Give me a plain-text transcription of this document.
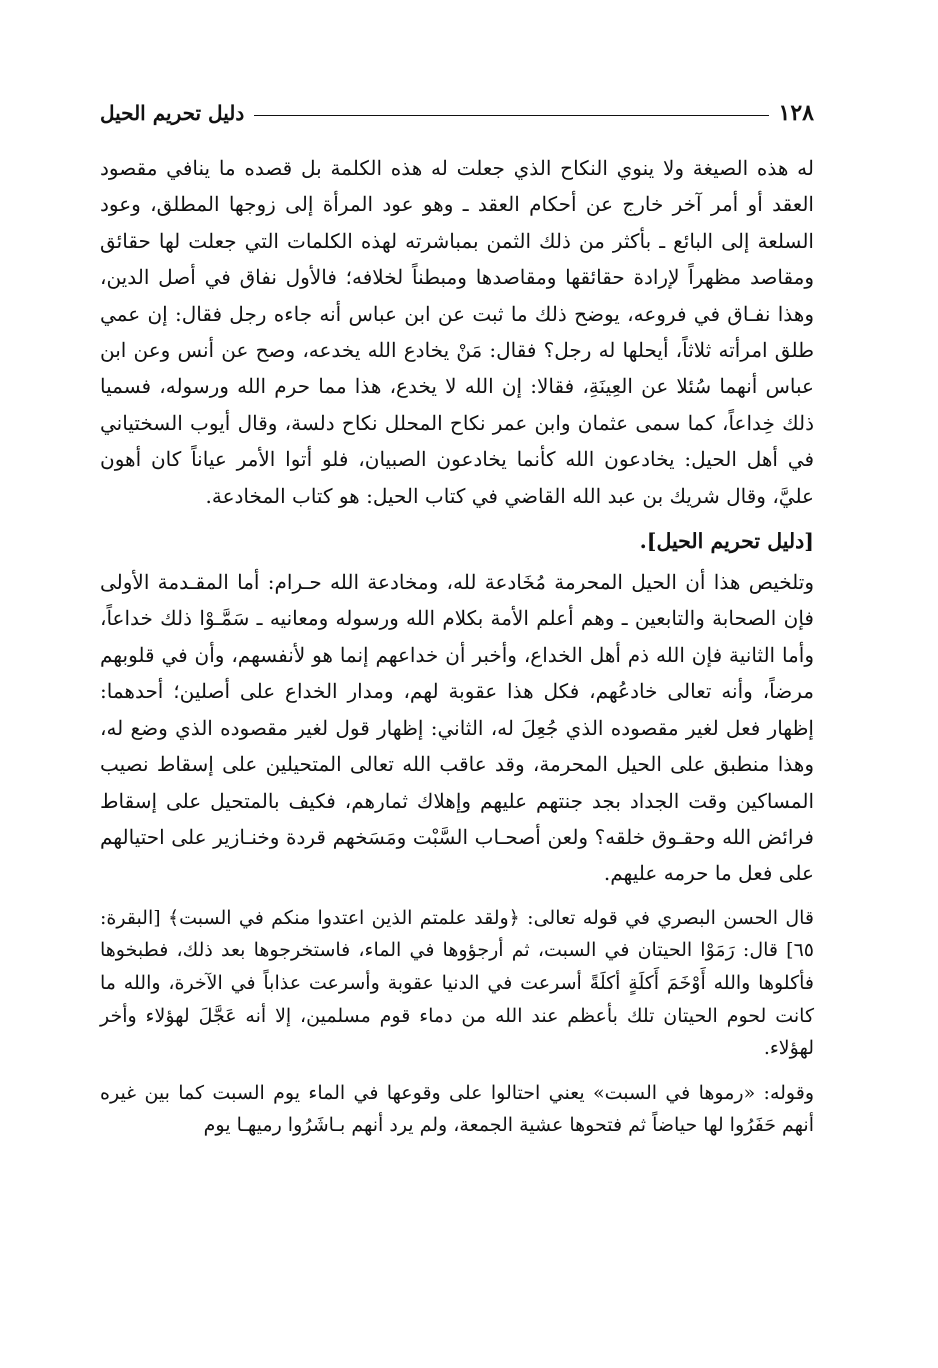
١٢٨
دليل تحريم الحيل

له هذه الصيغة ولا ينوي النكاح الذي جعلت له هذه الكلمة بل قصده ما ينافي مقصود العقد أو أمر آخر خارج عن أحكام العقد ـ وهو عود المرأة إلى زوجها المطلق، وعود السلعة إلى البائع ـ بأكثر من ذلك الثمن بمباشرته لهذه الكلمات التي جعلت لها حقائق ومقاصد مظهراً لإرادة حقائقها ومقاصدها ومبطناً لخلافه؛ فالأول نفاق في أصل الدين، وهذا نفـاق في فروعه، يوضح ذلك ما ثبت عن ابن عباس أنه جاءه رجل فقال: إن عمي طلق امرأته ثلاثاً، أيحلها له رجل؟ فقال: مَنْ يخادع الله يخدعه، وصح عن أنس وعن ابن عباس أنهما سُئلا عن العِينَةِ، فقالا: إن الله لا يخدع، هذا مما حرم الله ورسوله، فسميا ذلك خِداعاً، كما سمى عثمان وابن عمر نكاح المحلل نكاح دلسة، وقال أيوب السختياني في أهل الحيل: يخادعون الله كأنما يخادعون الصبيان، فلو أتوا الأمر عياناً كان أهون عليَّ، وقال شريك بن عبد الله القاضي في كتاب الحيل: هو كتاب المخادعة.

[دليل تحريم الحيل].

وتلخيص هذا أن الحيل المحرمة مُخَادعة لله، ومخادعة الله حـرام: أما المقـدمة الأولى فإن الصحابة والتابعين ـ وهم أعلم الأمة بكلام الله ورسوله ومعانيه ـ سَمَّـوْا ذلك خداعاً، وأما الثانية فإن الله ذم أهل الخداع، وأخبر أن خداعهم إنما هو لأنفسهم، وأن في قلوبهم مرضاً، وأنه تعالى خادعُهم، فكل هذا عقوبة لهم، ومدار الخداع على أصلين؛ أحدهما: إظهار فعل لغير مقصوده الذي جُعِلَ له، الثاني: إظهار قول لغير مقصوده الذي وضع له، وهذا منطبق على الحيل المحرمة، وقد عاقب الله تعالى المتحيلين على إسقاط نصيب المساكين وقت الجداد بجد جنتهم عليهم وإهلاك ثمارهم، فكيف بالمتحيل على إسقاط فرائض الله وحقـوق خلقه؟ ولعن أصحـاب السَّبْت ومَسَخهم قردة وخنـازير على احتيالهم على فعل ما حرمه عليهم.

قال الحسن البصري في قوله تعالى: ﴿ولقد علمتم الذين اعتدوا منكم في السبت﴾ [البقرة: ٦٥] قال: رَمَوْا الحيتان في السبت، ثم أرجؤوها في الماء، فاستخرجوها بعد ذلك، فطبخوها فأكلوها والله أَوْخَمَ أَكلَةٍ أكلَةً أسرعت في الدنيا عقوبة وأسرعت عذاباً في الآخرة، والله ما كانت لحوم الحيتان تلك بأعظم عند الله من دماء قوم مسلمين، إلا أنه عَجَّلَ لهؤلاء وأخر لهؤلاء.

وقوله: «رموها في السبت» يعني احتالوا على وقوعها في الماء يوم السبت كما بين غيره أنهم حَفَرُوا لها حياضاً ثم فتحوها عشية الجمعة، ولم يرد أنهم بـاشَرُوا رميهـا يوم
